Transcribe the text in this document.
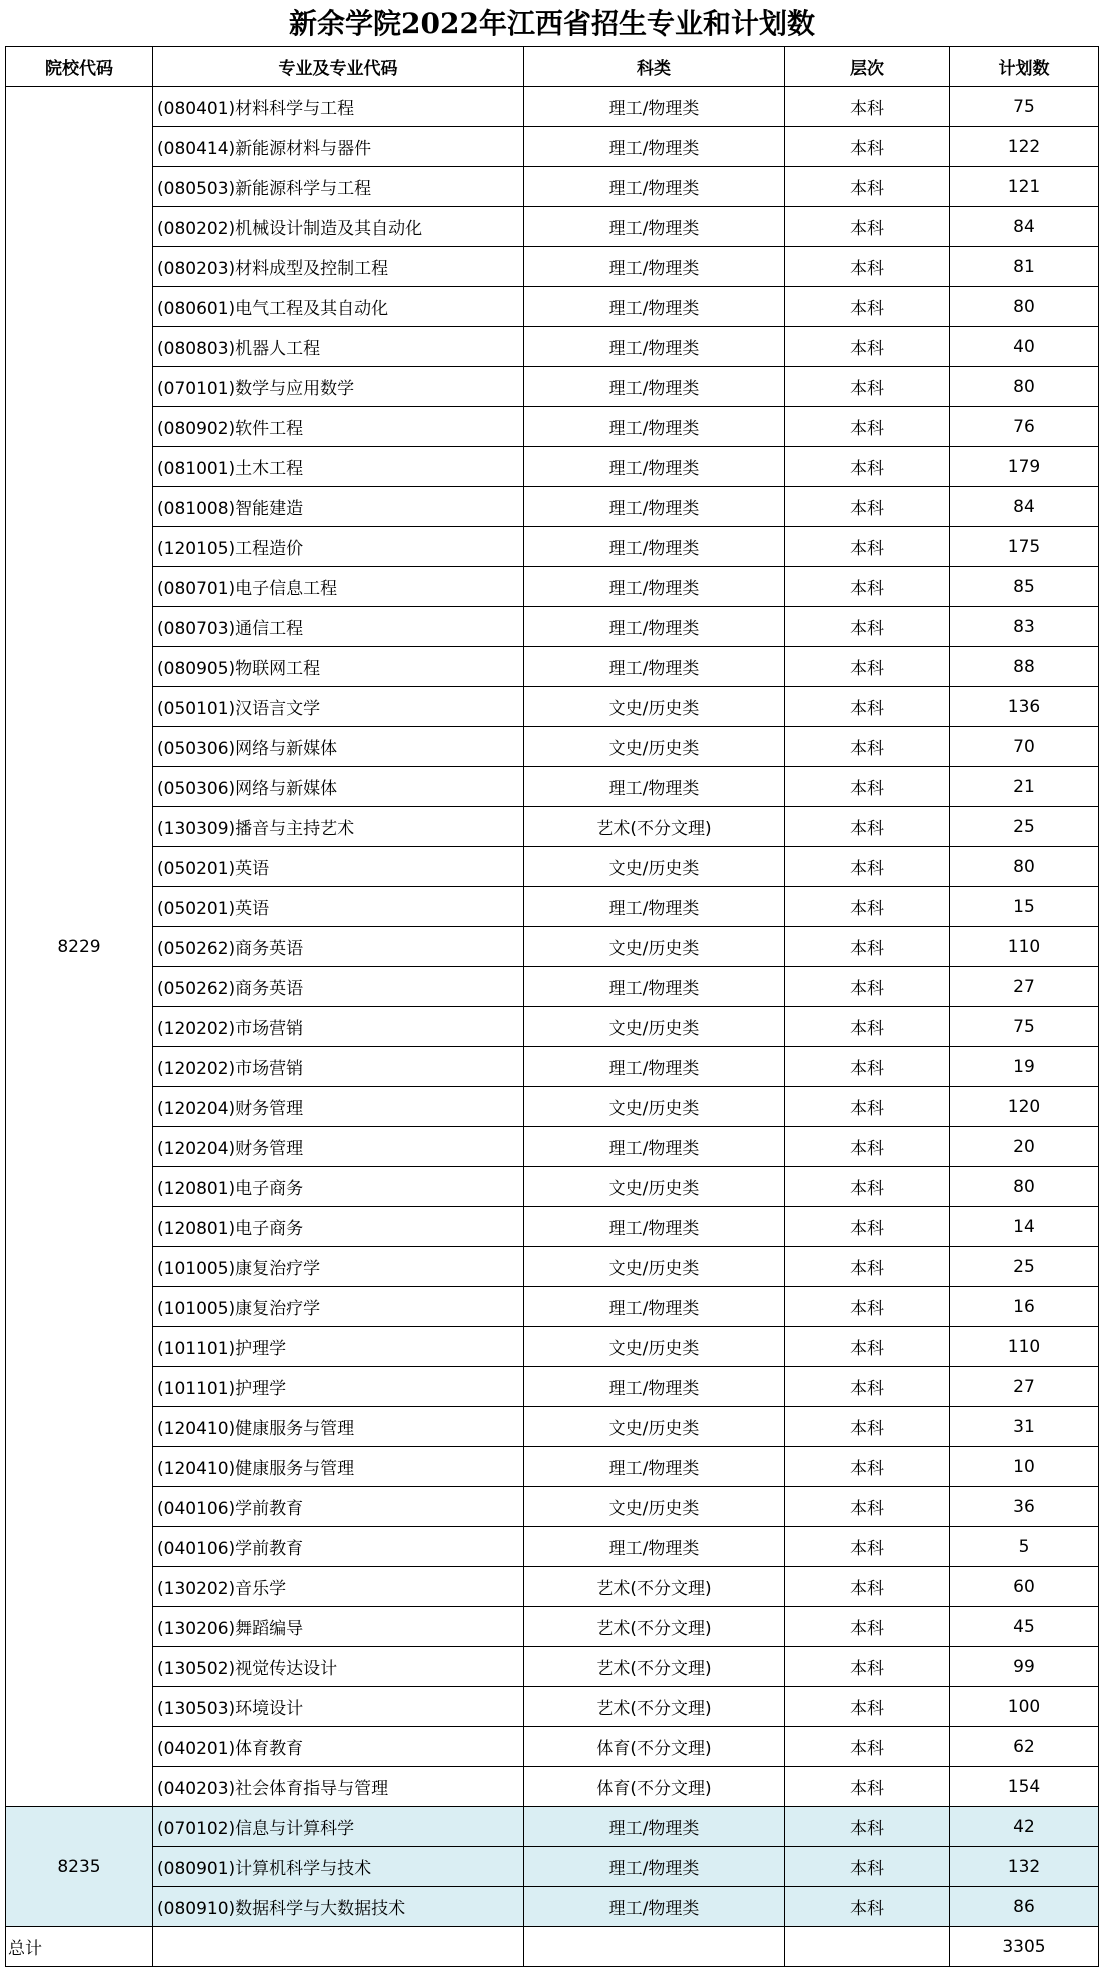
新余学院2022年江西省招生专业和计划数
院校代码	专业及专业代码	科类	层次	计划数
8229	(080401)材料科学与工程	理工/物理类	本科	75
	(080414)新能源材料与器件	理工/物理类	本科	122
	(080503)新能源科学与工程	理工/物理类	本科	121
	(080202)机械设计制造及其自动化	理工/物理类	本科	84
	(080203)材料成型及控制工程	理工/物理类	本科	81
	(080601)电气工程及其自动化	理工/物理类	本科	80
	(080803)机器人工程	理工/物理类	本科	40
	(070101)数学与应用数学	理工/物理类	本科	80
	(080902)软件工程	理工/物理类	本科	76
	(081001)土木工程	理工/物理类	本科	179
	(081008)智能建造	理工/物理类	本科	84
	(120105)工程造价	理工/物理类	本科	175
	(080701)电子信息工程	理工/物理类	本科	85
	(080703)通信工程	理工/物理类	本科	83
	(080905)物联网工程	理工/物理类	本科	88
	(050101)汉语言文学	文史/历史类	本科	136
	(050306)网络与新媒体	文史/历史类	本科	70
	(050306)网络与新媒体	理工/物理类	本科	21
	(130309)播音与主持艺术	艺术(不分文理)	本科	25
	(050201)英语	文史/历史类	本科	80
	(050201)英语	理工/物理类	本科	15
	(050262)商务英语	文史/历史类	本科	110
	(050262)商务英语	理工/物理类	本科	27
	(120202)市场营销	文史/历史类	本科	75
	(120202)市场营销	理工/物理类	本科	19
	(120204)财务管理	文史/历史类	本科	120
	(120204)财务管理	理工/物理类	本科	20
	(120801)电子商务	文史/历史类	本科	80
	(120801)电子商务	理工/物理类	本科	14
	(101005)康复治疗学	文史/历史类	本科	25
	(101005)康复治疗学	理工/物理类	本科	16
	(101101)护理学	文史/历史类	本科	110
	(101101)护理学	理工/物理类	本科	27
	(120410)健康服务与管理	文史/历史类	本科	31
	(120410)健康服务与管理	理工/物理类	本科	10
	(040106)学前教育	文史/历史类	本科	36
	(040106)学前教育	理工/物理类	本科	5
	(130202)音乐学	艺术(不分文理)	本科	60
	(130206)舞蹈编导	艺术(不分文理)	本科	45
	(130502)视觉传达设计	艺术(不分文理)	本科	99
	(130503)环境设计	艺术(不分文理)	本科	100
	(040201)体育教育	体育(不分文理)	本科	62
	(040203)社会体育指导与管理	体育(不分文理)	本科	154
8235	(070102)信息与计算科学	理工/物理类	本科	42
	(080901)计算机科学与技术	理工/物理类	本科	132
	(080910)数据科学与大数据技术	理工/物理类	本科	86
总计				3305
